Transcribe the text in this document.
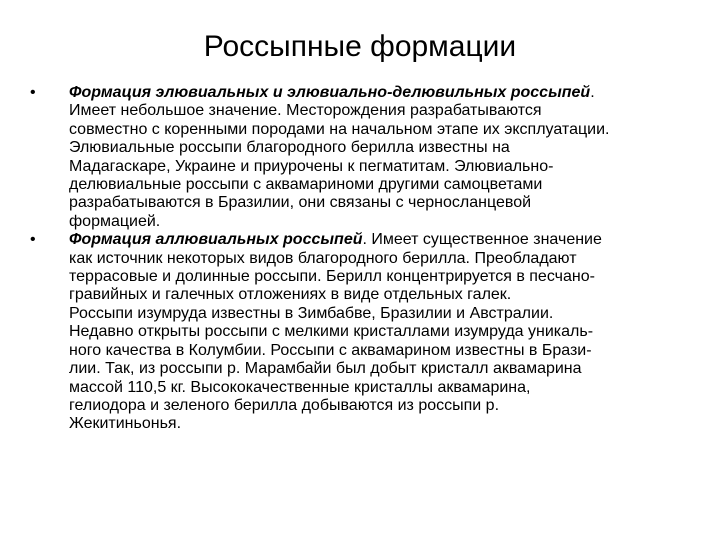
Россыпные формации
•	Формация элювиальных и элювиально-делювильных россыпей.
Имеет небольшое значение. Месторождения разрабатываются
совместно с коренными породами на начальном этапе их эксплуатации.
Элювиальные россыпи благородного берилла известны на
Мадагаскаре, Украине и приурочены к пегматитам. Элювиально-
делювиальные россыпи с аквамариноми другими самоцветами
разрабатываются в Бразилии, они связаны с черносланцевой
формацией.
•	Формация аллювиальных россыпей. Имеет существенное значение
как источник некоторых видов благородного берилла. Преобладают
террасовые и долинные россыпи. Берилл концентрируется в песчано-
гравийных и галечных отложениях в виде отдельных галек.
Россыпи изумруда известны в Зимбабве, Бразилии и Австралии.
Недавно открыты россыпи с мелкими кристаллами изумруда уникаль-
ного качества в Колумбии. Россыпи с аквамарином известны в Брази-
лии. Так, из россыпи р. Марамбайи был добыт кристалл аквамарина
массой 110,5 кг. Высококачественные кристаллы аквамарина,
гелиодора и зеленого берилла добываются из россыпи р.
Жекитиньонья.
